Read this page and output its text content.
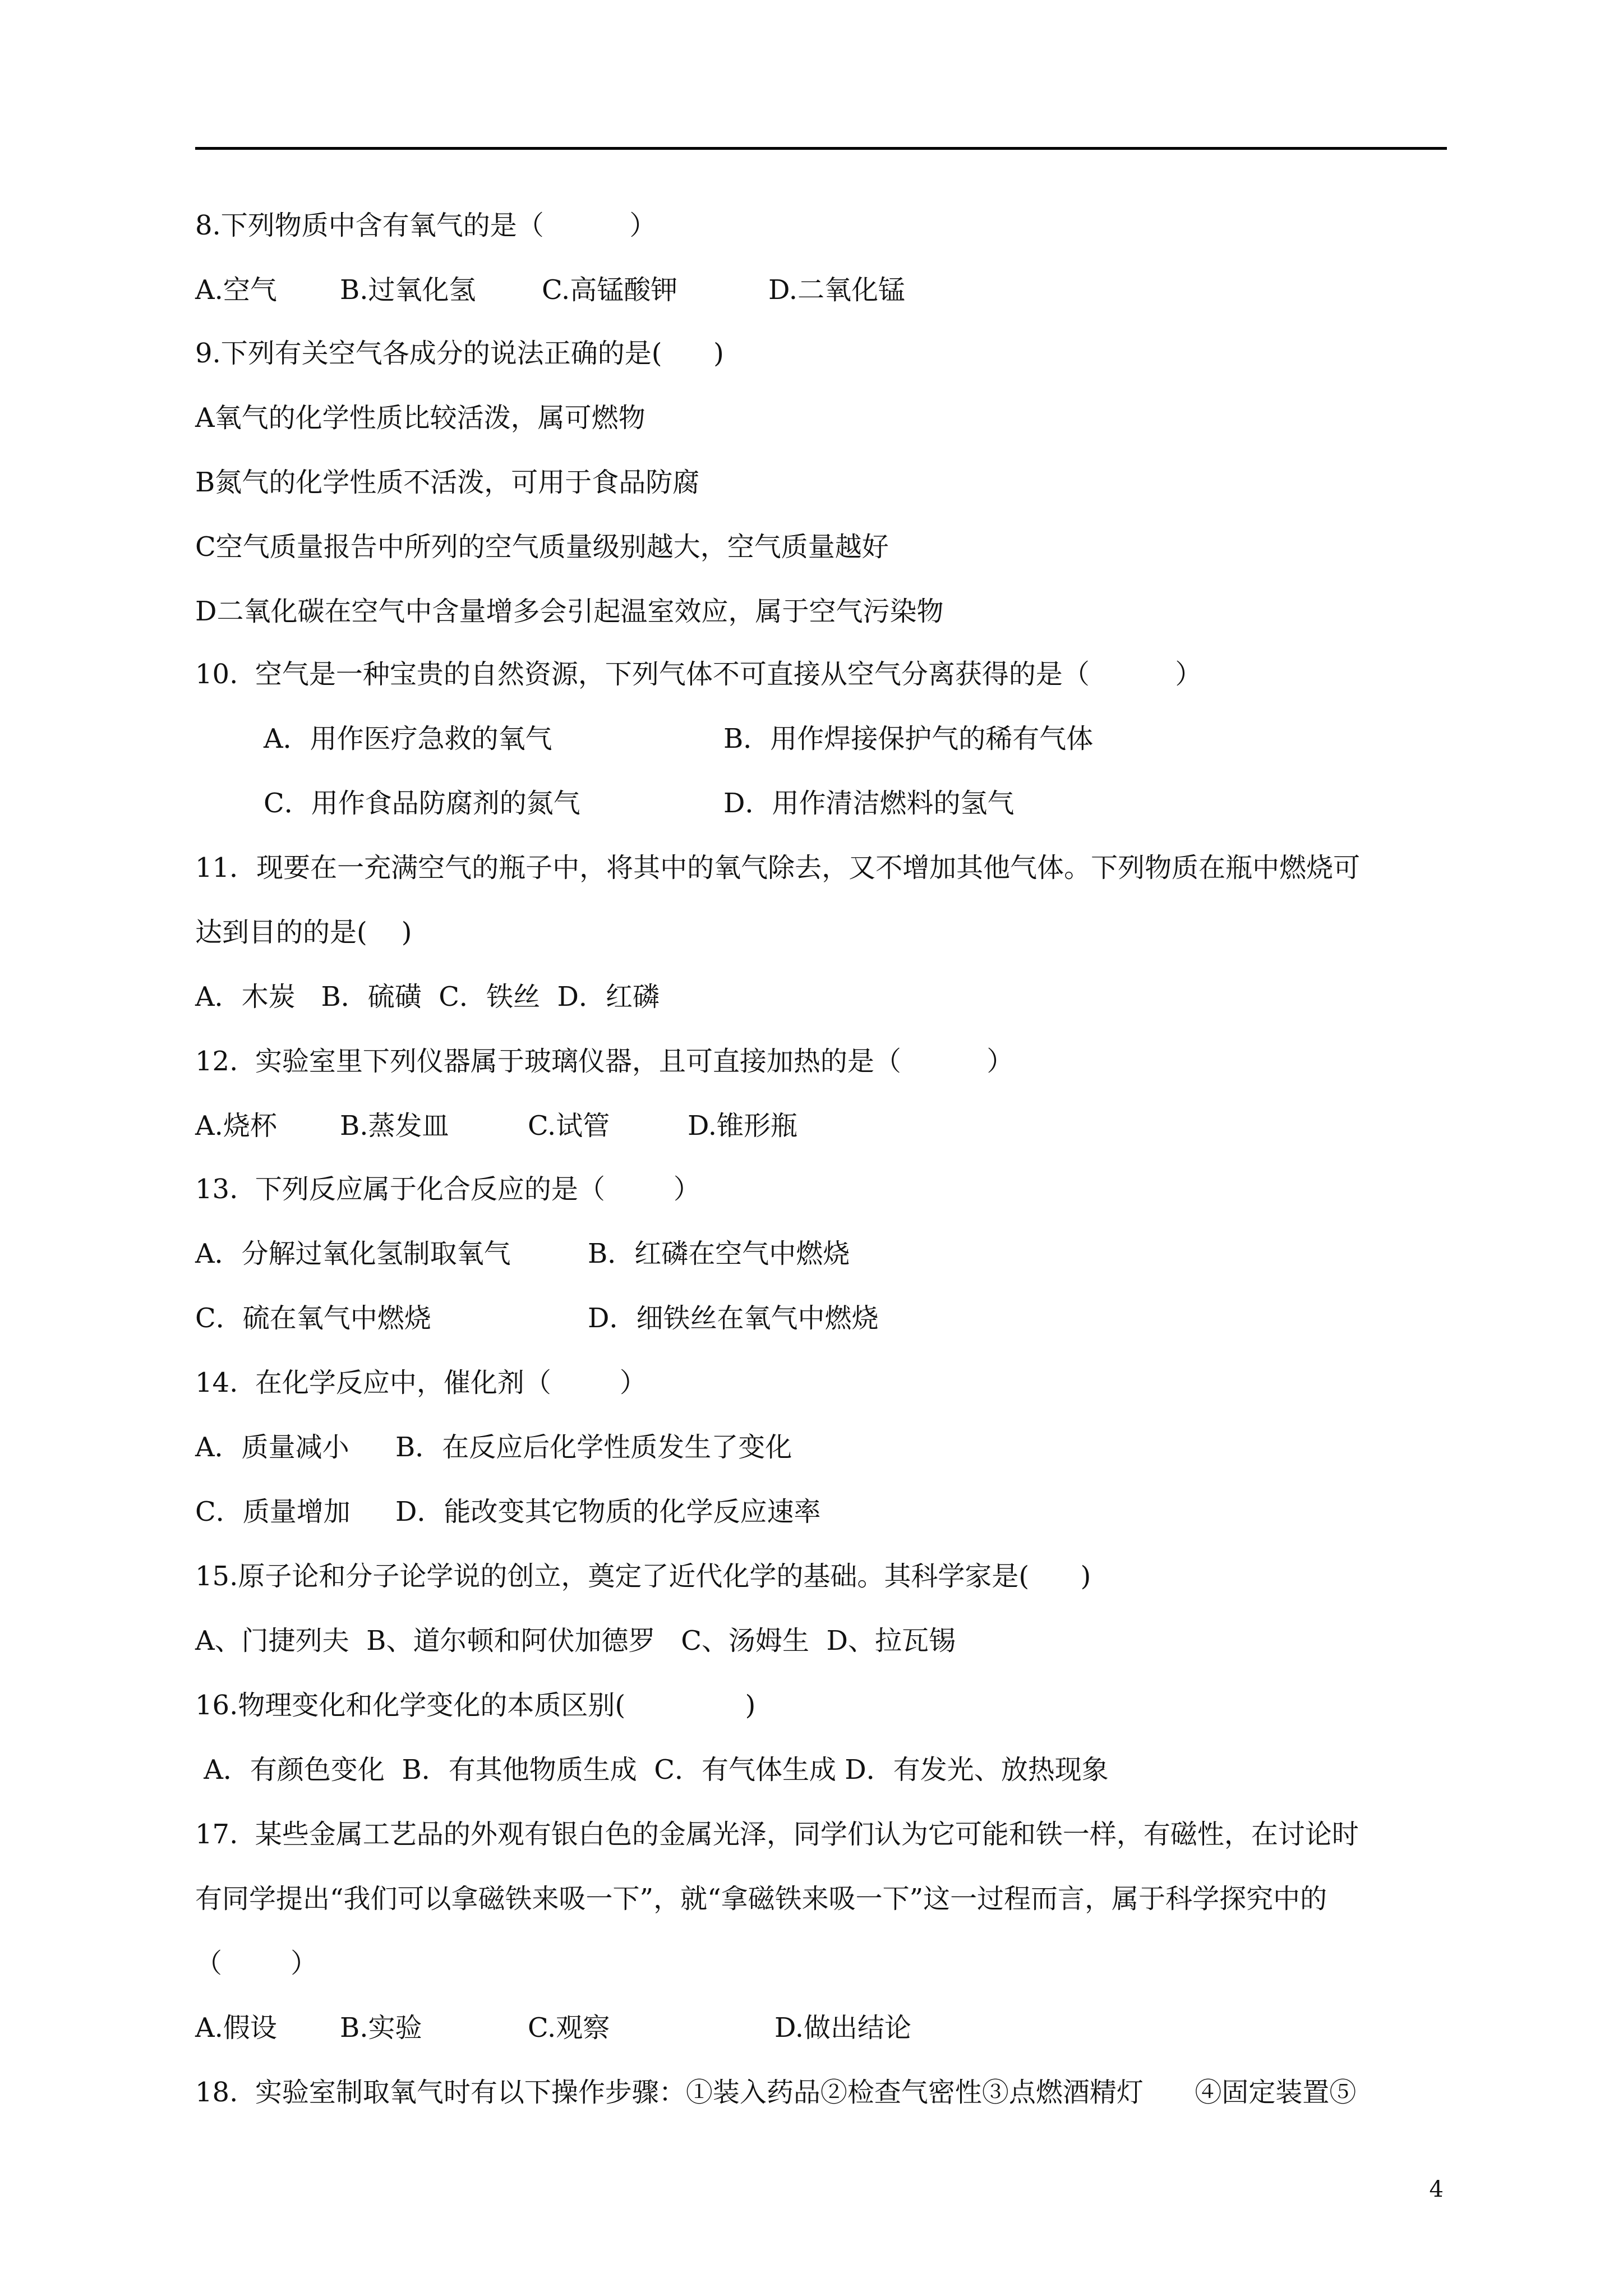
8.下列物质中含有氧气的是（          ）
A.空气	B.过氧化氢	C.高锰酸钾	D.二氧化锰
9.下列有关空气各成分的说法正确的是(      )
A氧气的化学性质比较活泼，属可燃物
B氮气的化学性质不活泼，可用于食品防腐
C空气质量报告中所列的空气质量级别越大，空气质量越好
D二氧化碳在空气中含量增多会引起温室效应，属于空气污染物
10.  空气是一种宝贵的自然资源，下列气体不可直接从空气分离获得的是（          ）
A．用作医疗急救的氧气	B．用作焊接保护气的稀有气体
C．用作食品防腐剂的氮气	D．用作清洁燃料的氢气
11．现要在一充满空气的瓶子中，将其中的氧气除去，又不增加其他气体。下列物质在瓶中燃烧可
达到目的的是(    )
A．木炭   B．硫磺  C．铁丝  D．红磷
12.  实验室里下列仪器属于玻璃仪器，且可直接加热的是（          ）
A.烧杯	B.蒸发皿	C.试管	D.锥形瓶
13.  下列反应属于化合反应的是（        ）
A．分解过氧化氢制取氧气	B．红磷在空气中燃烧
C．硫在氧气中燃烧	D．细铁丝在氧气中燃烧
14.  在化学反应中，催化剂（        ）
A．质量减小	B．在反应后化学性质发生了变化
C．质量增加	D．能改变其它物质的化学反应速率
15.原子论和分子论学说的创立，奠定了近代化学的基础。其科学家是(      )
A、门捷列夫  B、道尔顿和阿伏加德罗   C、汤姆生  D、拉瓦锡
16.物理变化和化学变化的本质区别(              )
A．有颜色变化  B．有其他物质生成  C．有气体生成 D．有发光、放热现象
17.  某些金属工艺品的外观有银白色的金属光泽，同学们认为它可能和铁一样，有磁性，在讨论时
有同学提出“我们可以拿磁铁来吸一下”，就“拿磁铁来吸一下”这一过程而言，属于科学探究中的
（        ）
A.假设	B.实验	C.观察	D.做出结论
18.  实验室制取氧气时有以下操作步骤：①装入药品②检查气密性③点燃酒精灯      ④固定装置⑤
4
